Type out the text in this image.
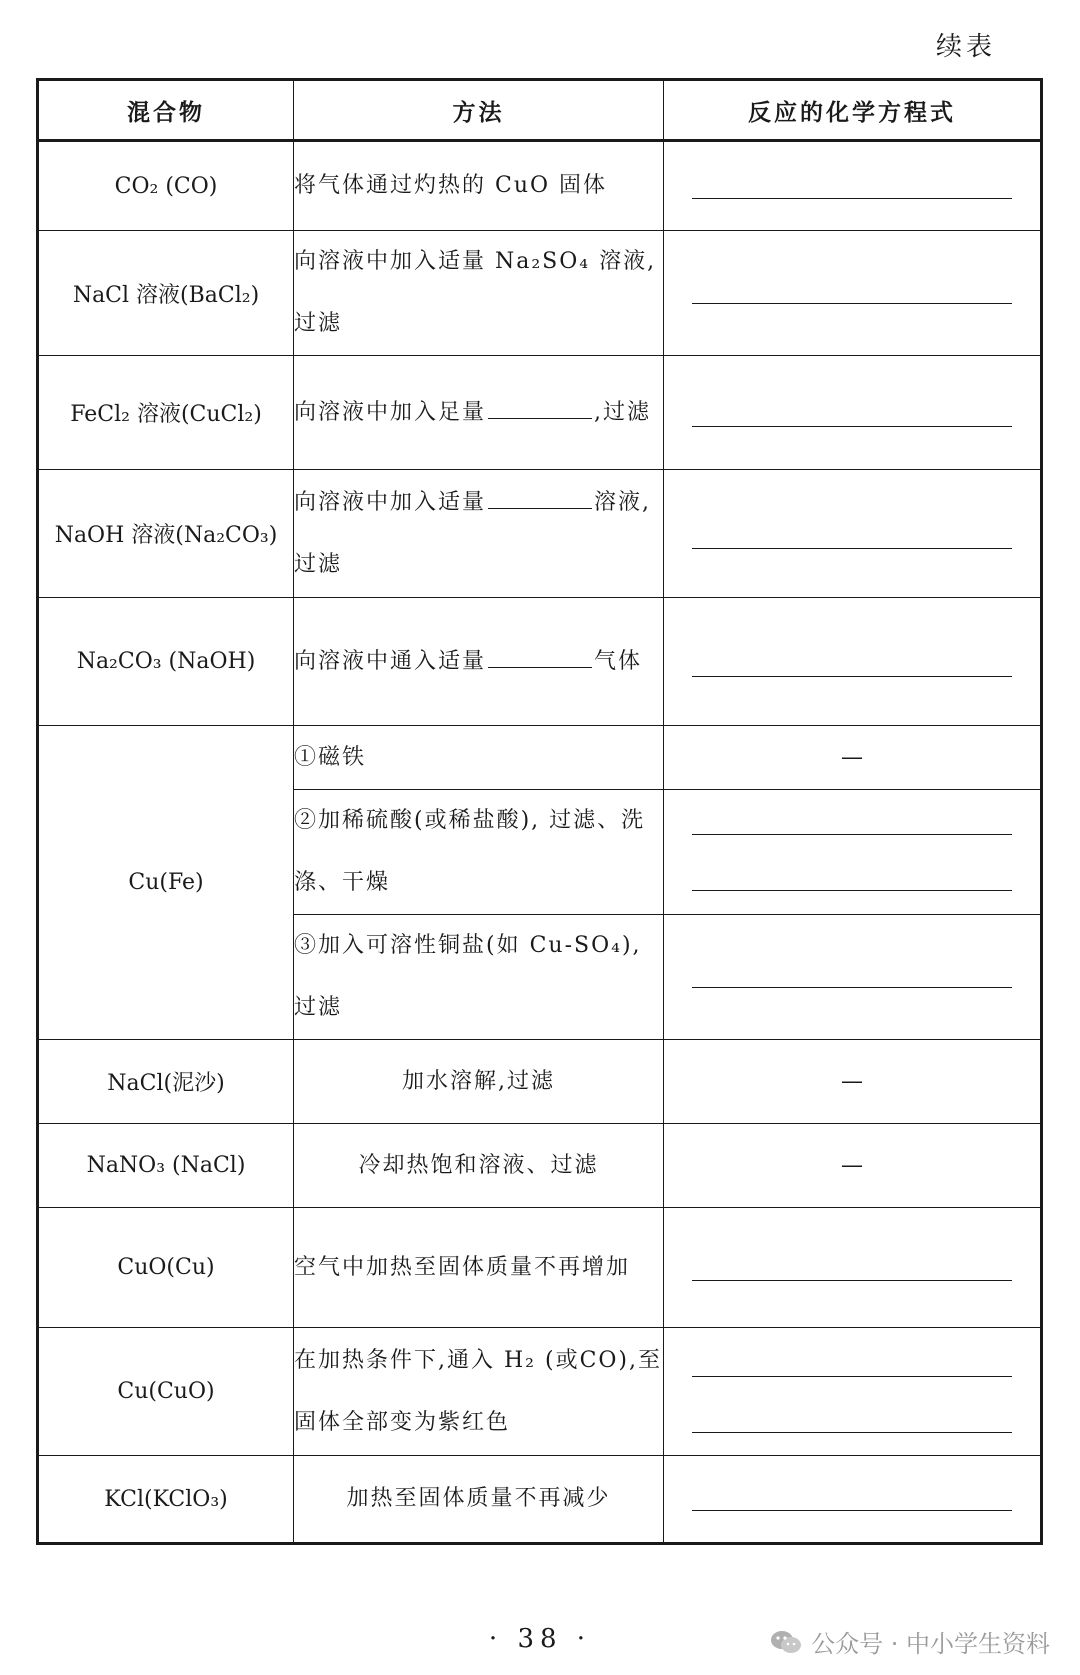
续表
混合物	方法	反应的化学方程式
CO₂ (CO)	将气体通过灼热的 CuO 固体	

NaCl 溶液(BaCl₂)	向溶液中加入适量 Na₂SO₄ 溶液,过滤	

FeCl₂ 溶液(CuCl₂)	向溶液中加入足量 ,过滤	

NaOH 溶液(Na₂CO₃)	向溶液中加入适量 溶液,过滤	

Na₂CO₃ (NaOH)	向溶液中通入适量 气体	

Cu(Fe)	①磁铁	—

	②加稀硫酸(或稀盐酸), 过滤、洗涤、干燥	

	③加入可溶性铜盐(如 Cu-SO₄),过滤	

NaCl(泥沙)	加水溶解,过滤	—

NaNO₃ (NaCl)	冷却热饱和溶液、过滤	—

CuO(Cu)	空气中加热至固体质量不再增加	

Cu(CuO)	在加热条件下,通入 H₂ (或CO),至固体全部变为紫红色	

KCl(KClO₃)	加热至固体质量不再减少	
· 38 ·	公众号 · 中小学生资料
